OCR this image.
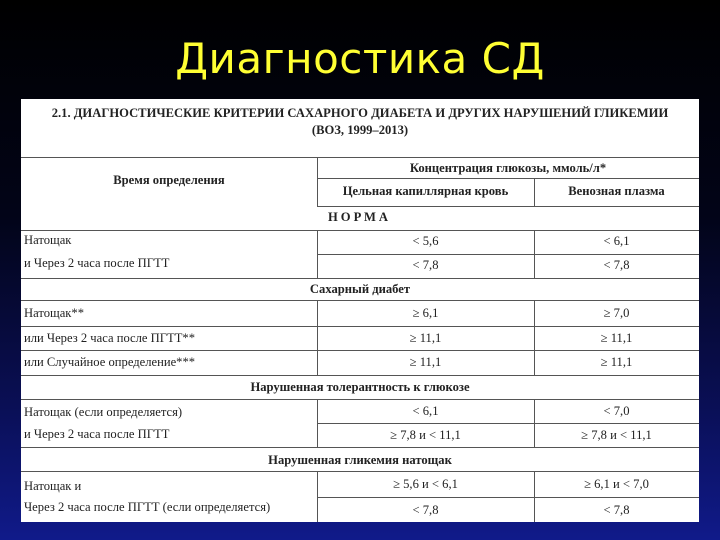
Диагностика СД
2.1. ДИАГНОСТИЧЕСКИЕ КРИТЕРИИ САХАРНОГО ДИАБЕТА И ДРУГИХ НАРУШЕНИЙ ГЛИКЕМИИ
(ВОЗ, 1999–2013)
Время определения
Концентрация глюкозы, ммоль/л*
Цельная капиллярная кровь	Венозная плазма
НОРМА
Натощак
и Через 2 часа после ПГТТ
< 5,6
< 7,8
< 6,1
< 7,8
Сахарный диабет
Натощак**
или Через 2 часа после ПГТТ**
или Случайное определение***
≥ 6,1
≥ 11,1
≥ 11,1
≥ 7,0
≥ 11,1
≥ 11,1
Нарушенная толерантность к глюкозе
Натощак (если определяется)
и Через 2 часа после ПГТТ
< 6,1
≥ 7,8 и < 11,1
< 7,0
≥ 7,8 и < 11,1
Нарушенная гликемия натощак
Натощак и
Через 2 часа после ПГТТ (если определяется)
≥ 5,6 и < 6,1
< 7,8
≥ 6,1 и < 7,0
< 7,8
